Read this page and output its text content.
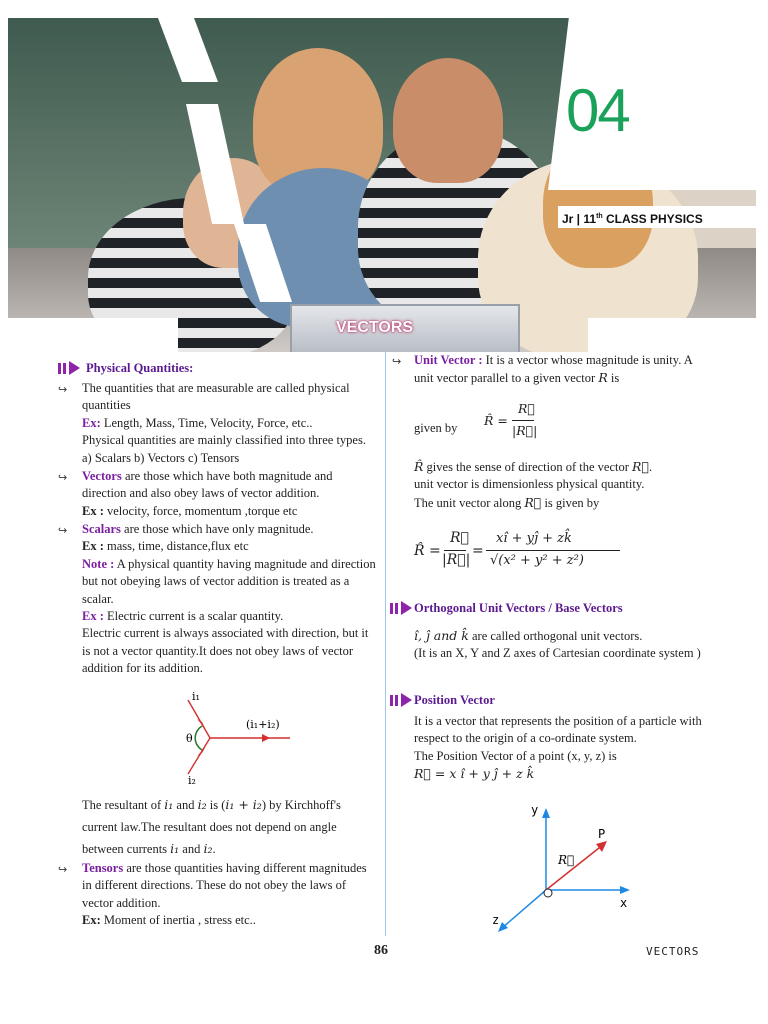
04
Jr | 11th CLASS PHYSICS
VECTORS
Physical Quantities:
↪ The quantities that are measurable are called physical quantities
Ex: Length, Mass, Time, Velocity, Force, etc..
Physical quantities are mainly classified into three types. a) Scalars b) Vectors c) Tensors
↪ Vectors are those which have both magnitude and direction and also obey laws of vector addition.
Ex : velocity, force, momentum ,torque etc
↪ Scalars are those which have only magnitude.
Ex : mass, time, distance,flux etc
Note : A physical quantity having magnitude and direction but not obeying laws of vector addition is treated as a scalar.
Ex : Electric current is a scalar quantity.
Electric current is always associated with direction, but it is not a vector quantity.It does not obey laws of vector addition for its addition.
i₁
i₂
(i₁+i₂)
θ
The resultant of i₁ and i₂ is (i₁ + i₂) by Kirchhoff's current law.The resultant does not depend on angle between currents i₁ and i₂.
↪ Tensors are those quantities having different magnitudes in different directions. These do not obey the laws of vector addition.
Ex: Moment of inertia , stress etc..
↪ Unit Vector : It is a vector whose magnitude is unity. A unit vector parallel to a given vector R is
given by R̂ =
R⃗
|R⃗|
R̂ gives the sense of direction of the vector R⃗.
unit vector is dimensionless physical quantity.
The unit vector along R⃗ is given by
R̂ =
R⃗
|R⃗|
=
xî + yĵ + zk̂
√(x² + y² + z²)
Orthogonal Unit Vectors / Base Vectors
î, ĵ and k̂ are called orthogonal unit vectors.
(It is an X, Y and Z axes of Cartesian coordinate system )
Position Vector
It is a vector that represents the position of a particle with respect to the origin of a co-ordinate system.
The Position Vector of a point (x, y, z) is
R⃗ = x î + y ĵ + z k̂
y
x
z
P
R⃗
86	VECTORS
